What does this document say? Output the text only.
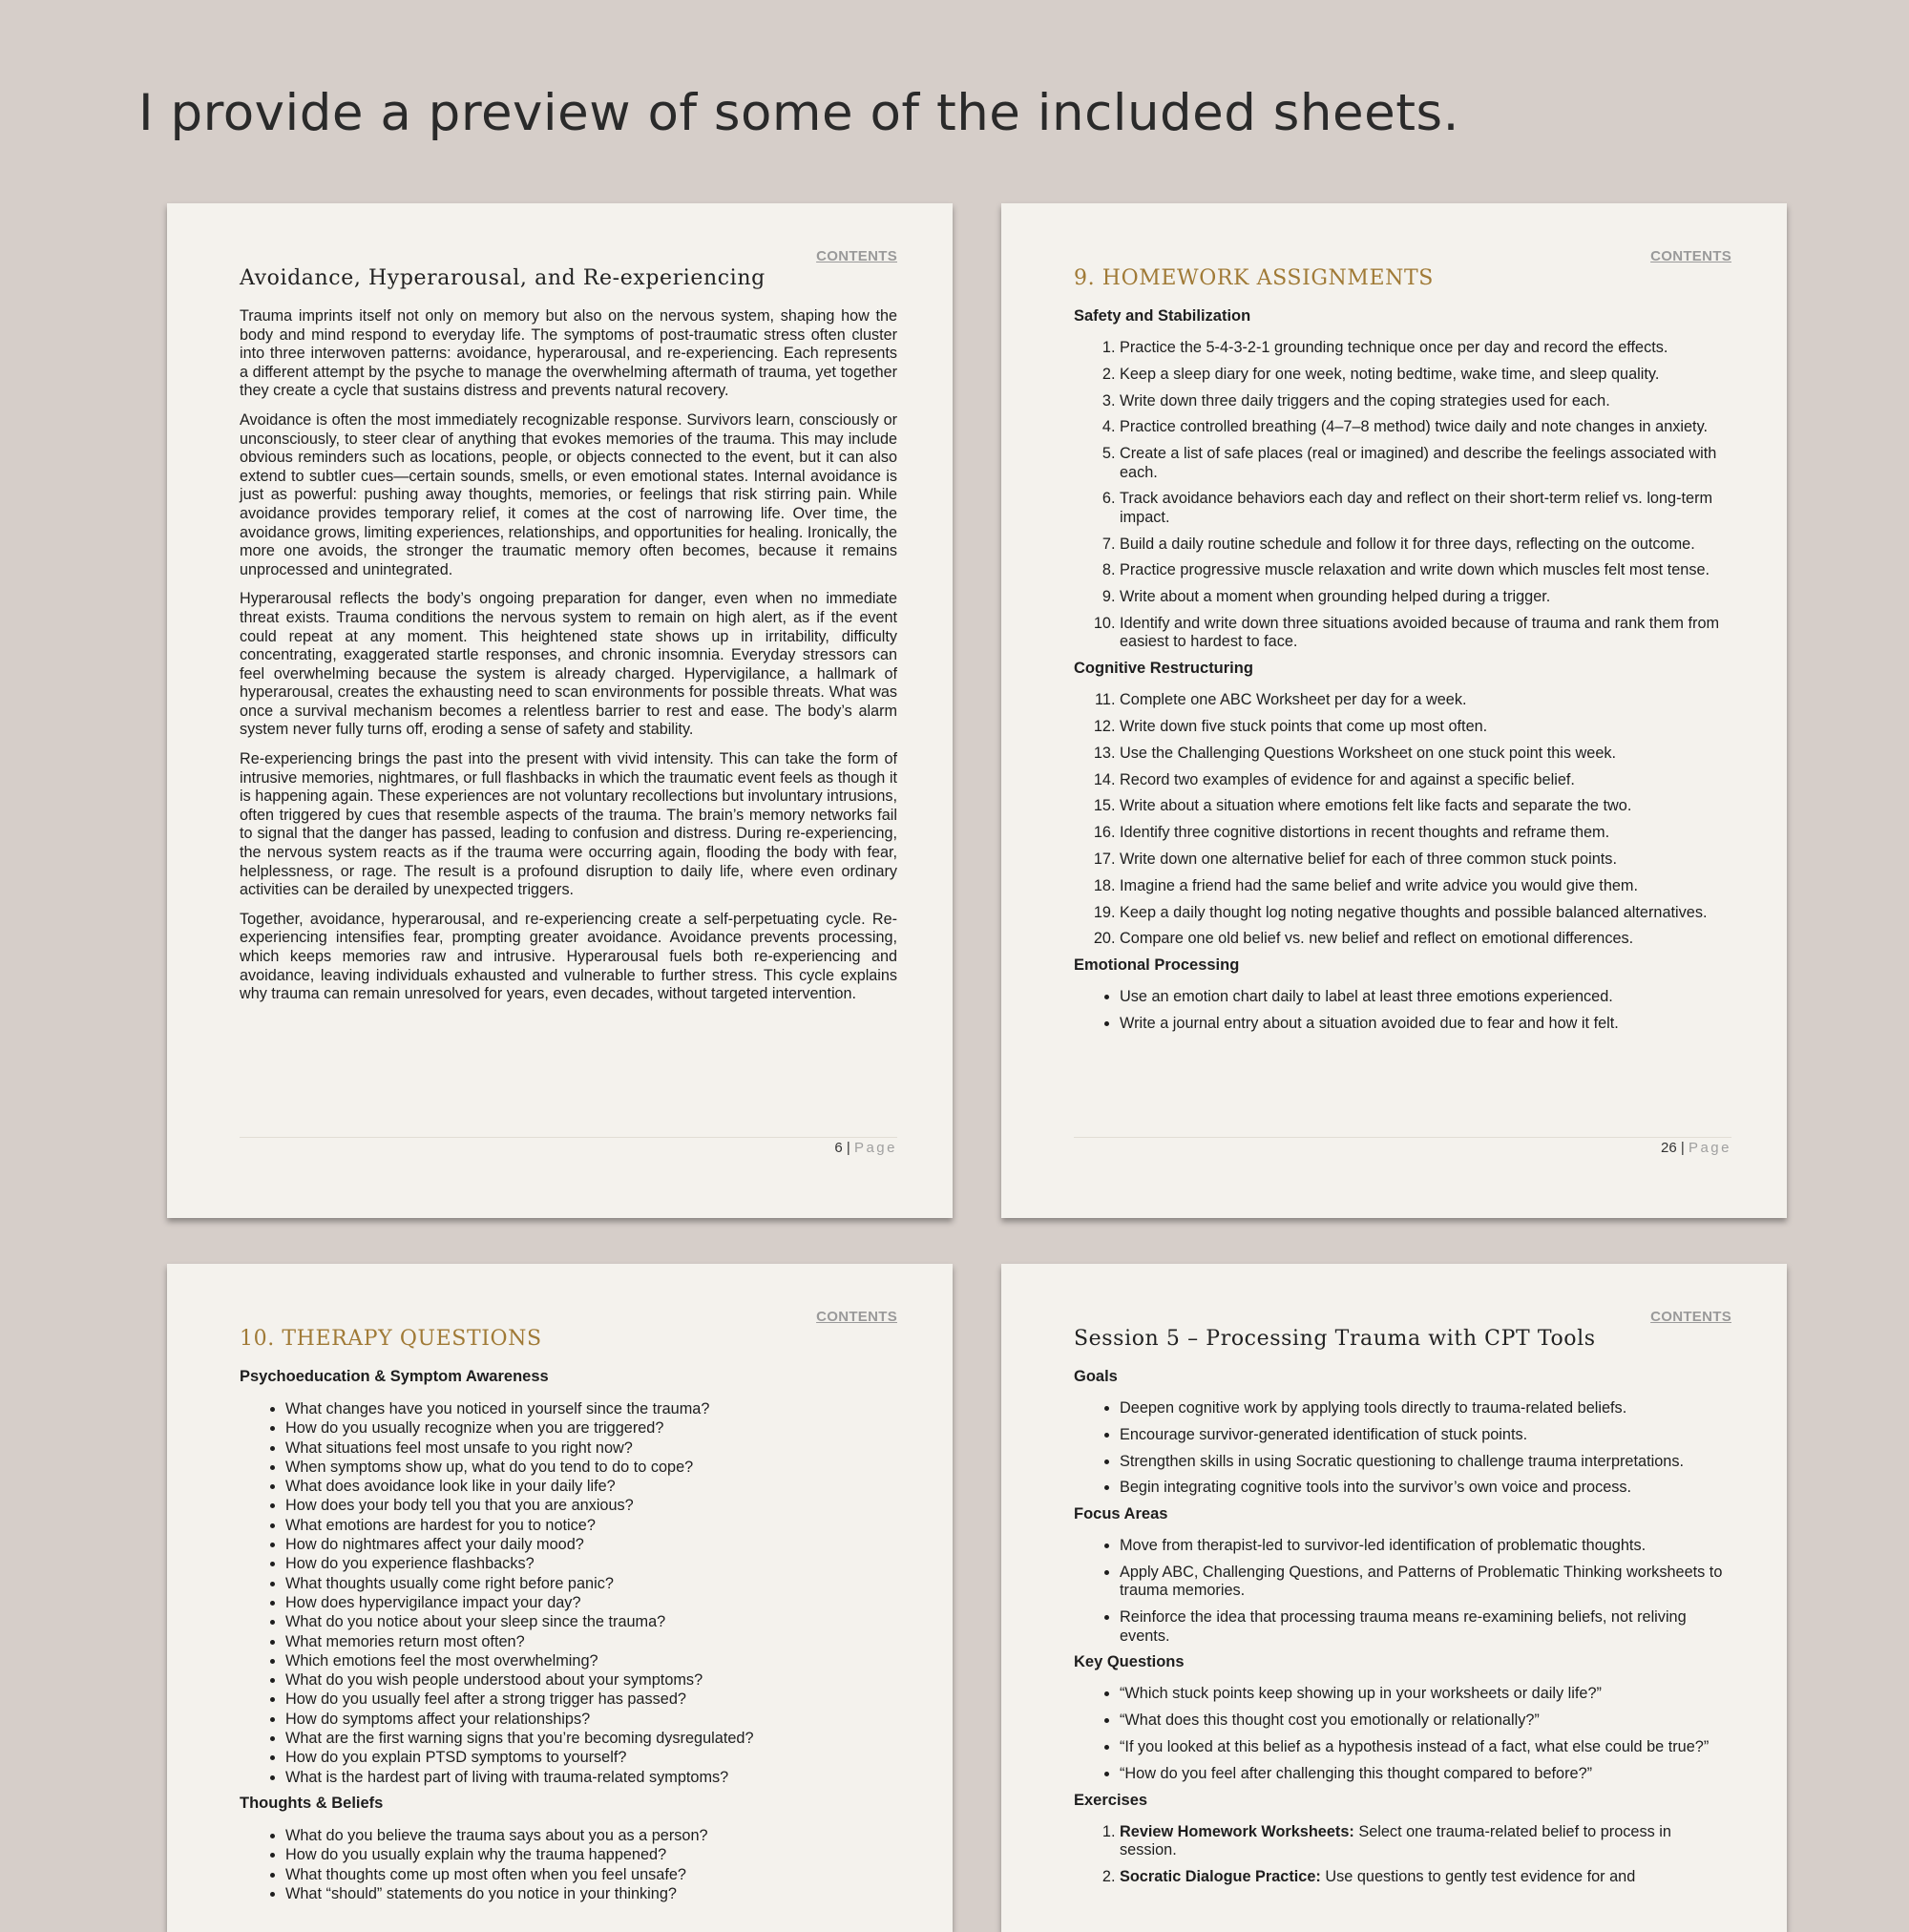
I provide a preview of some of the included sheets.
CONTENTS
Avoidance, Hyperarousal, and Re-experiencing

Trauma imprints itself not only on memory but also on the nervous system, shaping how the body and mind respond to everyday life. The symptoms of post-traumatic stress often cluster into three interwoven patterns: avoidance, hyperarousal, and re-experiencing. Each represents a different attempt by the psyche to manage the overwhelming aftermath of trauma, yet together they create a cycle that sustains distress and prevents natural recovery.

Avoidance is often the most immediately recognizable response. Survivors learn, consciously or unconsciously, to steer clear of anything that evokes memories of the trauma. This may include obvious reminders such as locations, people, or objects connected to the event, but it can also extend to subtler cues—certain sounds, smells, or even emotional states. Internal avoidance is just as powerful: pushing away thoughts, memories, or feelings that risk stirring pain. While avoidance provides temporary relief, it comes at the cost of narrowing life. Over time, the avoidance grows, limiting experiences, relationships, and opportunities for healing. Ironically, the more one avoids, the stronger the traumatic memory often becomes, because it remains unprocessed and unintegrated.

Hyperarousal reflects the body’s ongoing preparation for danger, even when no immediate threat exists. Trauma conditions the nervous system to remain on high alert, as if the event could repeat at any moment. This heightened state shows up in irritability, difficulty concentrating, exaggerated startle responses, and chronic insomnia. Everyday stressors can feel overwhelming because the system is already charged. Hypervigilance, a hallmark of hyperarousal, creates the exhausting need to scan environments for possible threats. What was once a survival mechanism becomes a relentless barrier to rest and ease. The body’s alarm system never fully turns off, eroding a sense of safety and stability.

Re-experiencing brings the past into the present with vivid intensity. This can take the form of intrusive memories, nightmares, or full flashbacks in which the traumatic event feels as though it is happening again. These experiences are not voluntary recollections but involuntary intrusions, often triggered by cues that resemble aspects of the trauma. The brain’s memory networks fail to signal that the danger has passed, leading to confusion and distress. During re-experiencing, the nervous system reacts as if the trauma were occurring again, flooding the body with fear, helplessness, or rage. The result is a profound disruption to daily life, where even ordinary activities can be derailed by unexpected triggers.

Together, avoidance, hyperarousal, and re-experiencing create a self-perpetuating cycle. Re-experiencing intensifies fear, prompting greater avoidance. Avoidance prevents processing, which keeps memories raw and intrusive. Hyperarousal fuels both re-experiencing and avoidance, leaving individuals exhausted and vulnerable to further stress. This cycle explains why trauma can remain unresolved for years, even decades, without targeted intervention.

6 | Page
CONTENTS
9. HOMEWORK ASSIGNMENTS
Safety and Stabilization
1. Practice the 5-4-3-2-1 grounding technique once per day and record the effects.
2. Keep a sleep diary for one week, noting bedtime, wake time, and sleep quality.
3. Write down three daily triggers and the coping strategies used for each.
4. Practice controlled breathing (4–7–8 method) twice daily and note changes in anxiety.
5. Create a list of safe places (real or imagined) and describe the feelings associated with each.
6. Track avoidance behaviors each day and reflect on their short-term relief vs. long-term impact.
7. Build a daily routine schedule and follow it for three days, reflecting on the outcome.
8. Practice progressive muscle relaxation and write down which muscles felt most tense.
9. Write about a moment when grounding helped during a trigger.
10. Identify and write down three situations avoided because of trauma and rank them from easiest to hardest to face.
Cognitive Restructuring
11. Complete one ABC Worksheet per day for a week.
12. Write down five stuck points that come up most often.
13. Use the Challenging Questions Worksheet on one stuck point this week.
14. Record two examples of evidence for and against a specific belief.
15. Write about a situation where emotions felt like facts and separate the two.
16. Identify three cognitive distortions in recent thoughts and reframe them.
17. Write down one alternative belief for each of three common stuck points.
18. Imagine a friend had the same belief and write advice you would give them.
19. Keep a daily thought log noting negative thoughts and possible balanced alternatives.
20. Compare one old belief vs. new belief and reflect on emotional differences.
Emotional Processing
• Use an emotion chart daily to label at least three emotions experienced.
• Write a journal entry about a situation avoided due to fear and how it felt.
26 | Page
CONTENTS
10. THERAPY QUESTIONS
Psychoeducation & Symptom Awareness
• What changes have you noticed in yourself since the trauma?
• How do you usually recognize when you are triggered?
• What situations feel most unsafe to you right now?
• When symptoms show up, what do you tend to do to cope?
• What does avoidance look like in your daily life?
• How does your body tell you that you are anxious?
• What emotions are hardest for you to notice?
• How do nightmares affect your daily mood?
• How do you experience flashbacks?
• What thoughts usually come right before panic?
• How does hypervigilance impact your day?
• What do you notice about your sleep since the trauma?
• What memories return most often?
• Which emotions feel the most overwhelming?
• What do you wish people understood about your symptoms?
• How do you usually feel after a strong trigger has passed?
• How do symptoms affect your relationships?
• What are the first warning signs that you’re becoming dysregulated?
• How do you explain PTSD symptoms to yourself?
• What is the hardest part of living with trauma-related symptoms?
Thoughts & Beliefs
• What do you believe the trauma says about you as a person?
• How do you usually explain why the trauma happened?
• What thoughts come up most often when you feel unsafe?
• What “should” statements do you notice in your thinking?
CONTENTS
Session 5 – Processing Trauma with CPT Tools
Goals
• Deepen cognitive work by applying tools directly to trauma-related beliefs.
• Encourage survivor-generated identification of stuck points.
• Strengthen skills in using Socratic questioning to challenge trauma interpretations.
• Begin integrating cognitive tools into the survivor’s own voice and process.
Focus Areas
• Move from therapist-led to survivor-led identification of problematic thoughts.
• Apply ABC, Challenging Questions, and Patterns of Problematic Thinking worksheets to trauma memories.
• Reinforce the idea that processing trauma means re-examining beliefs, not reliving events.
Key Questions
• “Which stuck points keep showing up in your worksheets or daily life?”
• “What does this thought cost you emotionally or relationally?”
• “If you looked at this belief as a hypothesis instead of a fact, what else could be true?”
• “How do you feel after challenging this thought compared to before?”
Exercises
1. Review Homework Worksheets: Select one trauma-related belief to process in session.
2. Socratic Dialogue Practice: Use questions to gently test evidence for and
